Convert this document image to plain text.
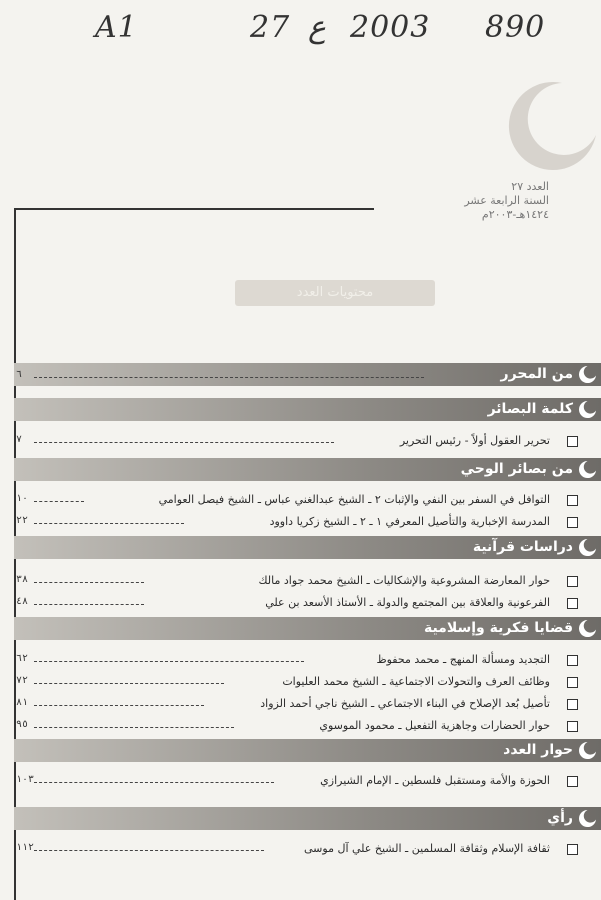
A1	27 ع 2003 890
العدد ٢٧
السنة الرابعة عشر
١٤٢٤هـ-٢٠٠٣م
محتويات العدد
من المحرر
٦
كلمة البصائر
تحرير العقول أولاً - رئيس التحرير
٧
من بصائر الوحي
التوافل في السفر بين النفي والإثبات ٢ ـ الشيخ عبدالغني عباس ـ الشيخ فيصل العوامي
١٠
المدرسة الإخبارية والتأصيل المعرفي ١ ـ ٢ ـ الشيخ زكريا داوود
٢٢
دراسات قرآنية
حوار المعارضة المشروعية والإشكاليات ـ الشيخ محمد جواد مالك
٣٨
الفرعونية والعلاقة بين المجتمع والدولة ـ الأستاذ الأسعد بن علي
٤٨
قضايا فكرية وإسلامية
التجديد ومسألة المنهج ـ محمد محفوظ
٦٢
وظائف العرف والتحولات الاجتماعية ـ الشيخ محمد العليوات
٧٢
تأصيل بُعد الإصلاح في البناء الاجتماعي ـ الشيخ ناجي أحمد الزواد
٨١
حوار الحضارات وجاهزية التفعيل ـ محمود الموسوي
٩٥
حوار العدد
الحوزة والأمة ومستقبل فلسطين ـ الإمام الشيرازي
١٠٣
رأي
ثقافة الإسلام وثقافة المسلمين ـ الشيخ علي آل موسى
١١٢
